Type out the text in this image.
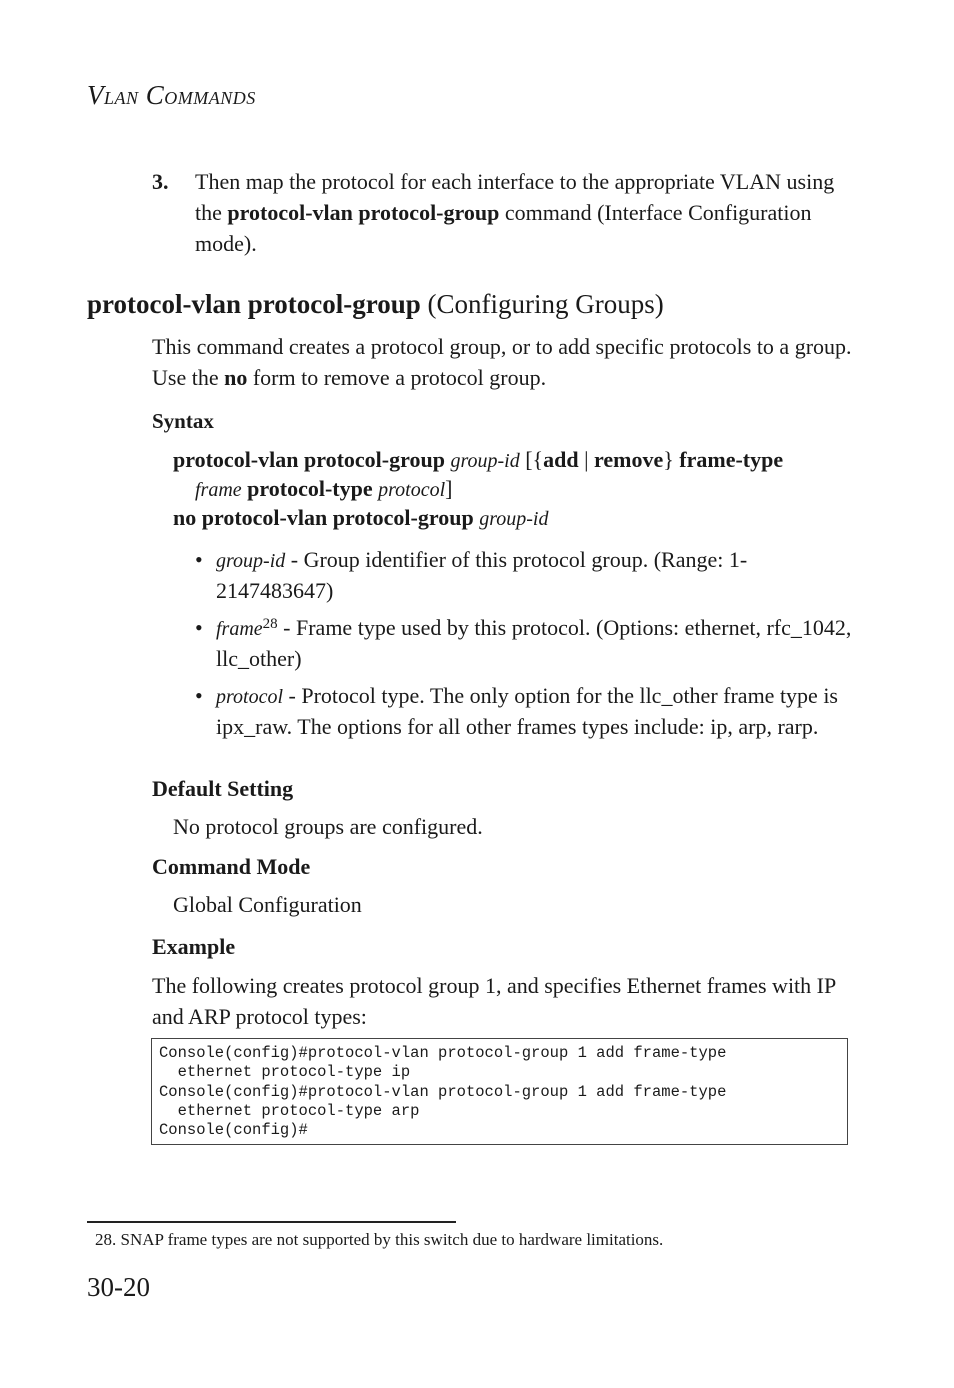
VLAN COMMANDS
3. Then map the protocol for each interface to the appropriate VLAN using the protocol-vlan protocol-group command (Interface Configuration mode).
protocol-vlan protocol-group (Configuring Groups)
This command creates a protocol group, or to add specific protocols to a group. Use the no form to remove a protocol group.
Syntax
protocol-vlan protocol-group group-id [{add | remove} frame-type
frame protocol-type protocol]
no protocol-vlan protocol-group group-id
• group-id - Group identifier of this protocol group. (Range: 1-2147483647)
• frame$^{28}$ - Frame type used by this protocol. (Options: ethernet, rfc_1042, llc_other)
• protocol - Protocol type. The only option for the llc_other frame type is ipx_raw. The options for all other frames types include: ip, arp, rarp.
Default Setting
No protocol groups are configured.
Command Mode
Global Configuration
Example
The following creates protocol group 1, and specifies Ethernet frames with IP and ARP protocol types:
Console(config)#protocol-vlan protocol-group 1 add frame-type
ethernet protocol-type ip
Console(config)#protocol-vlan protocol-group 1 add frame-type
ethernet protocol-type arp
Console(config)#
28. SNAP frame types are not supported by this switch due to hardware limitations.
30-20
